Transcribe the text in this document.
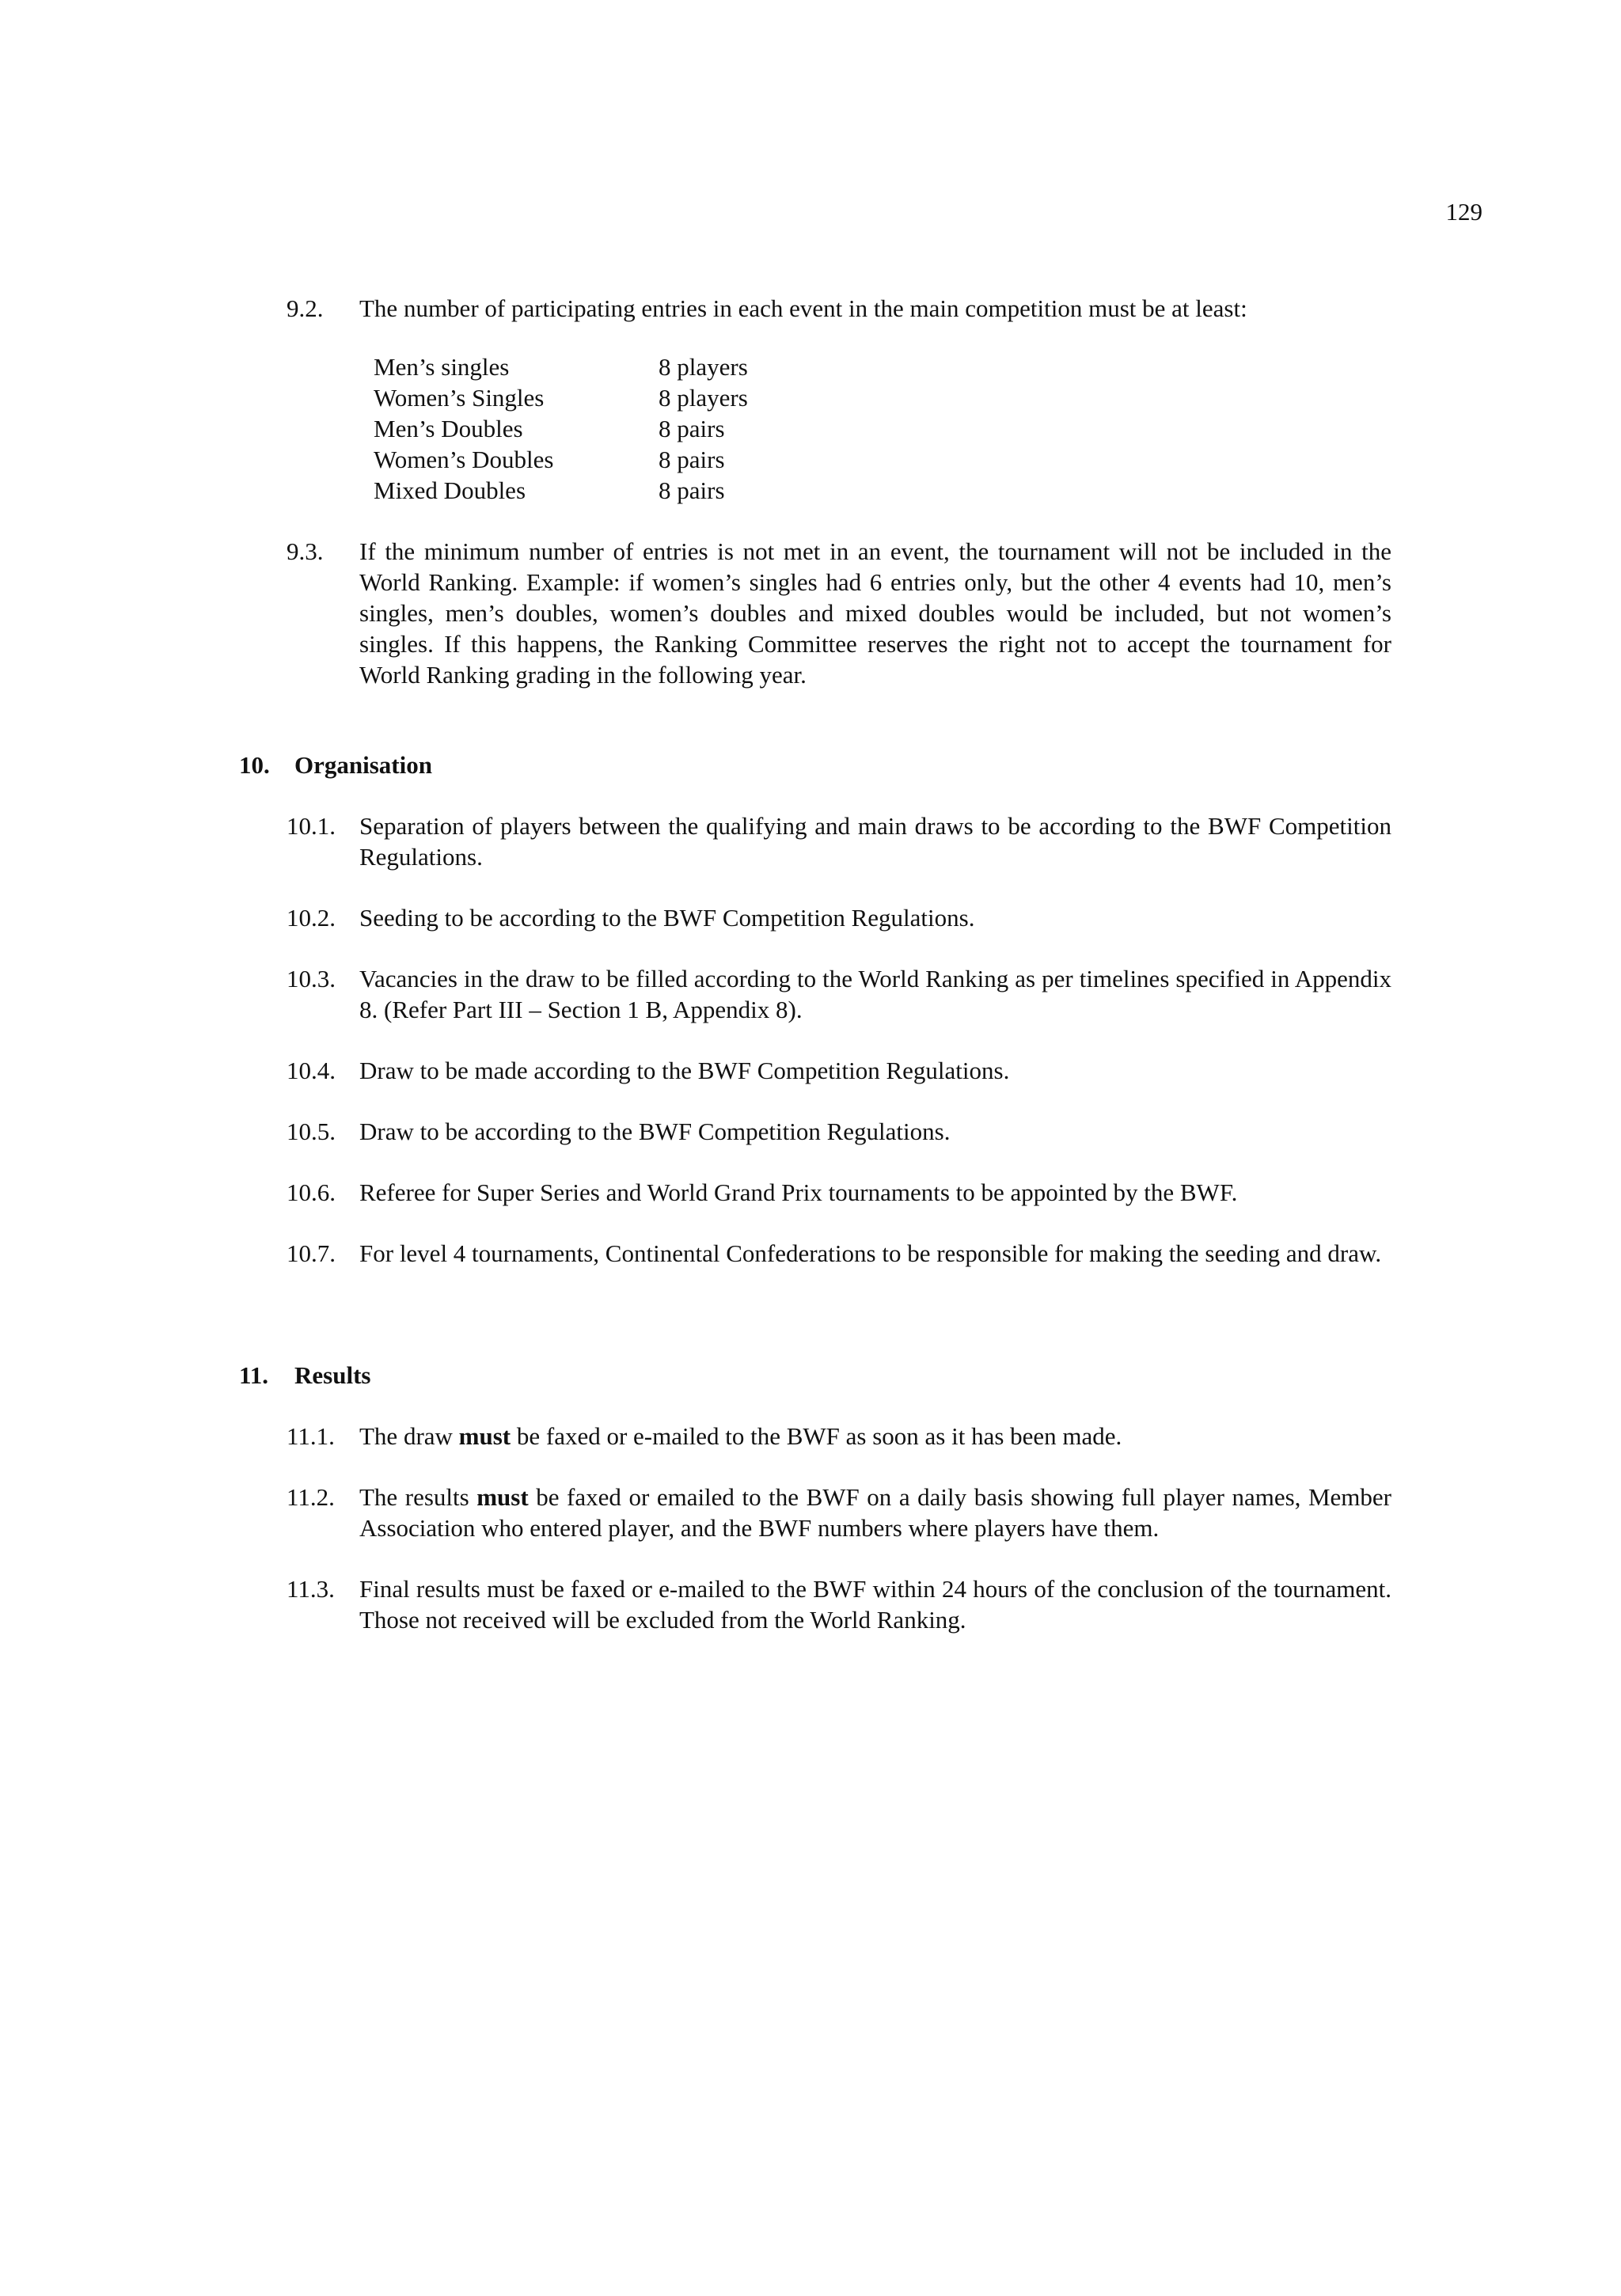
129
9.2. The number of participating entries in each event in the main competition must be at least:
Men’s singles	8 players
Women’s Singles	8 players
Men’s Doubles	8 pairs
Women’s Doubles	8 pairs
Mixed Doubles	8 pairs
9.3. If the minimum number of entries is not met in an event, the tournament will not be included in the World Ranking. Example: if women’s singles had 6 entries only, but the other 4 events had 10, men’s singles, men’s doubles, women’s doubles and mixed doubles would be included, but not women’s singles. If this happens, the Ranking Committee reserves the right not to accept the tournament for World Ranking grading in the following year.
10. Organisation
10.1. Separation of players between the qualifying and main draws to be according to the BWF Competition Regulations.
10.2. Seeding to be according to the BWF Competition Regulations.
10.3. Vacancies in the draw to be filled according to the World Ranking as per timelines specified in Appendix 8. (Refer Part III – Section 1 B, Appendix 8).
10.4. Draw to be made according to the BWF Competition Regulations.
10.5. Draw to be according to the BWF Competition Regulations.
10.6. Referee for Super Series and World Grand Prix tournaments to be appointed by the BWF.
10.7. For level 4 tournaments, Continental Confederations to be responsible for making the seeding and draw.
11. Results
11.1. The draw must be faxed or e-mailed to the BWF as soon as it has been made.
11.2. The results must be faxed or emailed to the BWF on a daily basis showing full player names, Member Association who entered player, and the BWF numbers where players have them.
11.3. Final results must be faxed or e-mailed to the BWF within 24 hours of the conclusion of the tournament. Those not received will be excluded from the World Ranking.
